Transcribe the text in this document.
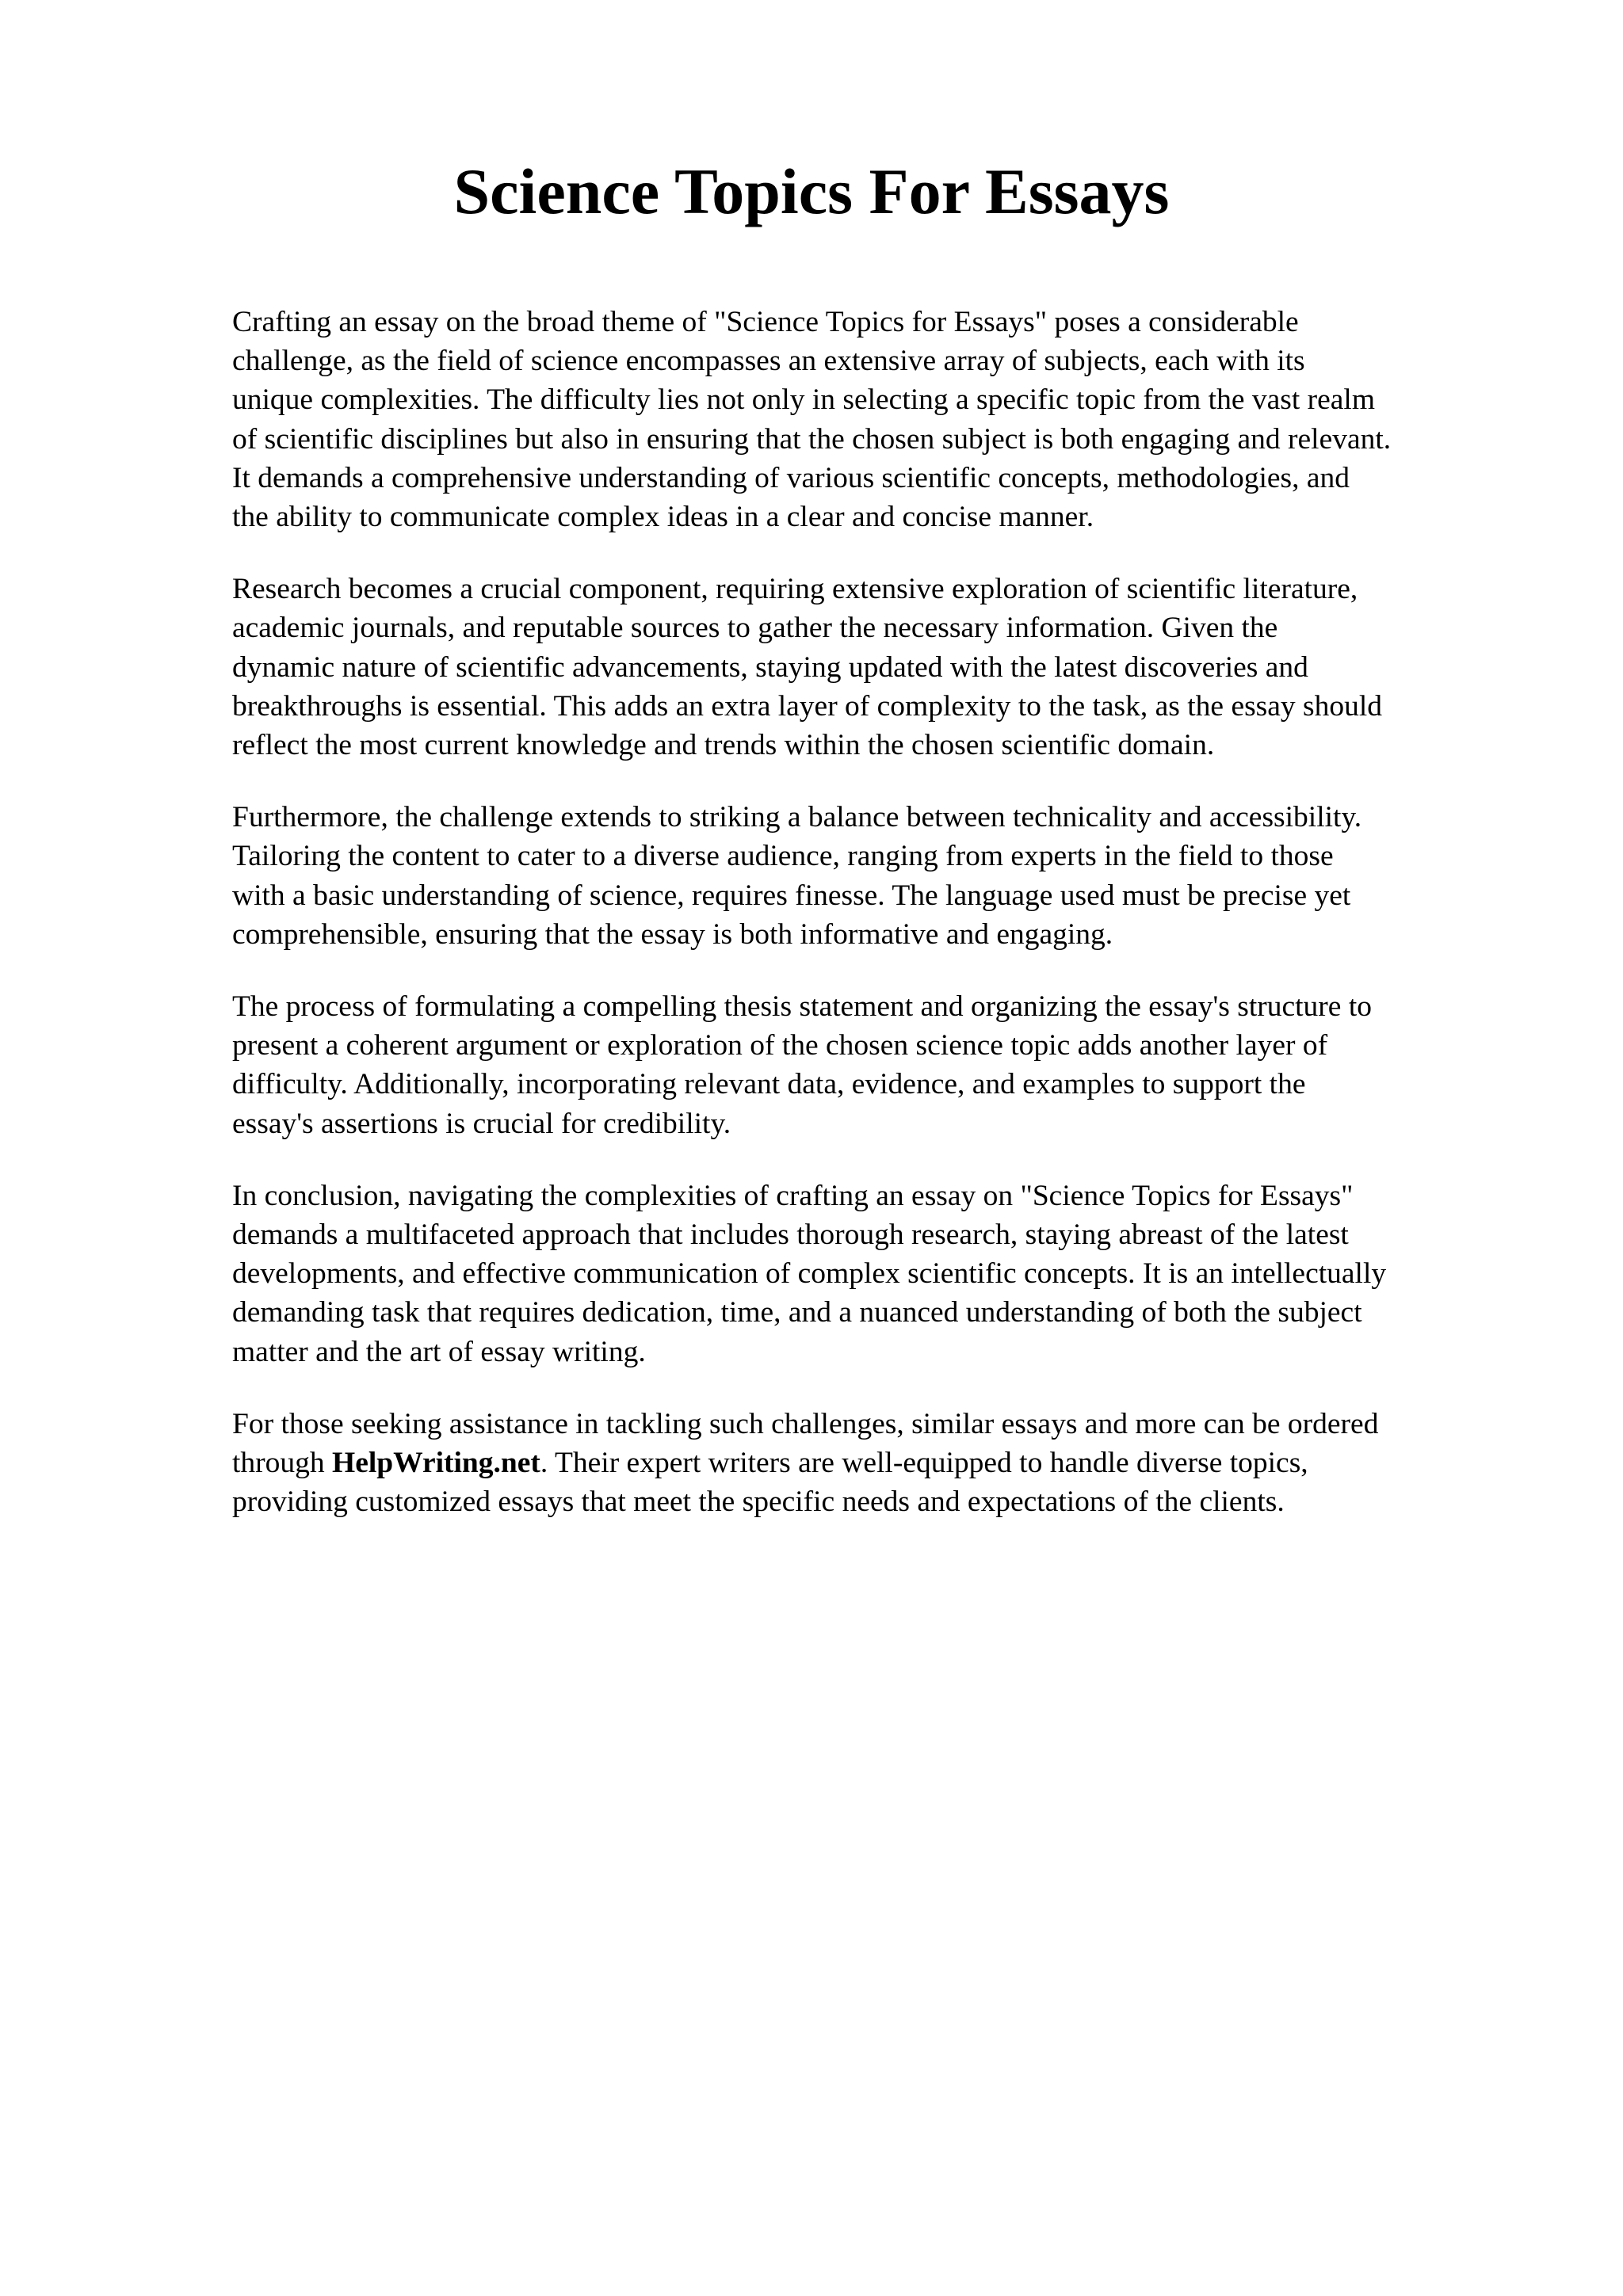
Science Topics For Essays

Crafting an essay on the broad theme of "Science Topics for Essays" poses a considerable
challenge, as the field of science encompasses an extensive array of subjects, each with its
unique complexities. The difficulty lies not only in selecting a specific topic from the vast realm
of scientific disciplines but also in ensuring that the chosen subject is both engaging and relevant.
It demands a comprehensive understanding of various scientific concepts, methodologies, and
the ability to communicate complex ideas in a clear and concise manner.

Research becomes a crucial component, requiring extensive exploration of scientific literature,
academic journals, and reputable sources to gather the necessary information. Given the
dynamic nature of scientific advancements, staying updated with the latest discoveries and
breakthroughs is essential. This adds an extra layer of complexity to the task, as the essay should
reflect the most current knowledge and trends within the chosen scientific domain.

Furthermore, the challenge extends to striking a balance between technicality and accessibility.
Tailoring the content to cater to a diverse audience, ranging from experts in the field to those
with a basic understanding of science, requires finesse. The language used must be precise yet
comprehensible, ensuring that the essay is both informative and engaging.

The process of formulating a compelling thesis statement and organizing the essay's structure to
present a coherent argument or exploration of the chosen science topic adds another layer of
difficulty. Additionally, incorporating relevant data, evidence, and examples to support the
essay's assertions is crucial for credibility.

In conclusion, navigating the complexities of crafting an essay on "Science Topics for Essays"
demands a multifaceted approach that includes thorough research, staying abreast of the latest
developments, and effective communication of complex scientific concepts. It is an intellectually
demanding task that requires dedication, time, and a nuanced understanding of both the subject
matter and the art of essay writing.

For those seeking assistance in tackling such challenges, similar essays and more can be ordered
through HelpWriting.net. Their expert writers are well-equipped to handle diverse topics,
providing customized essays that meet the specific needs and expectations of the clients.
